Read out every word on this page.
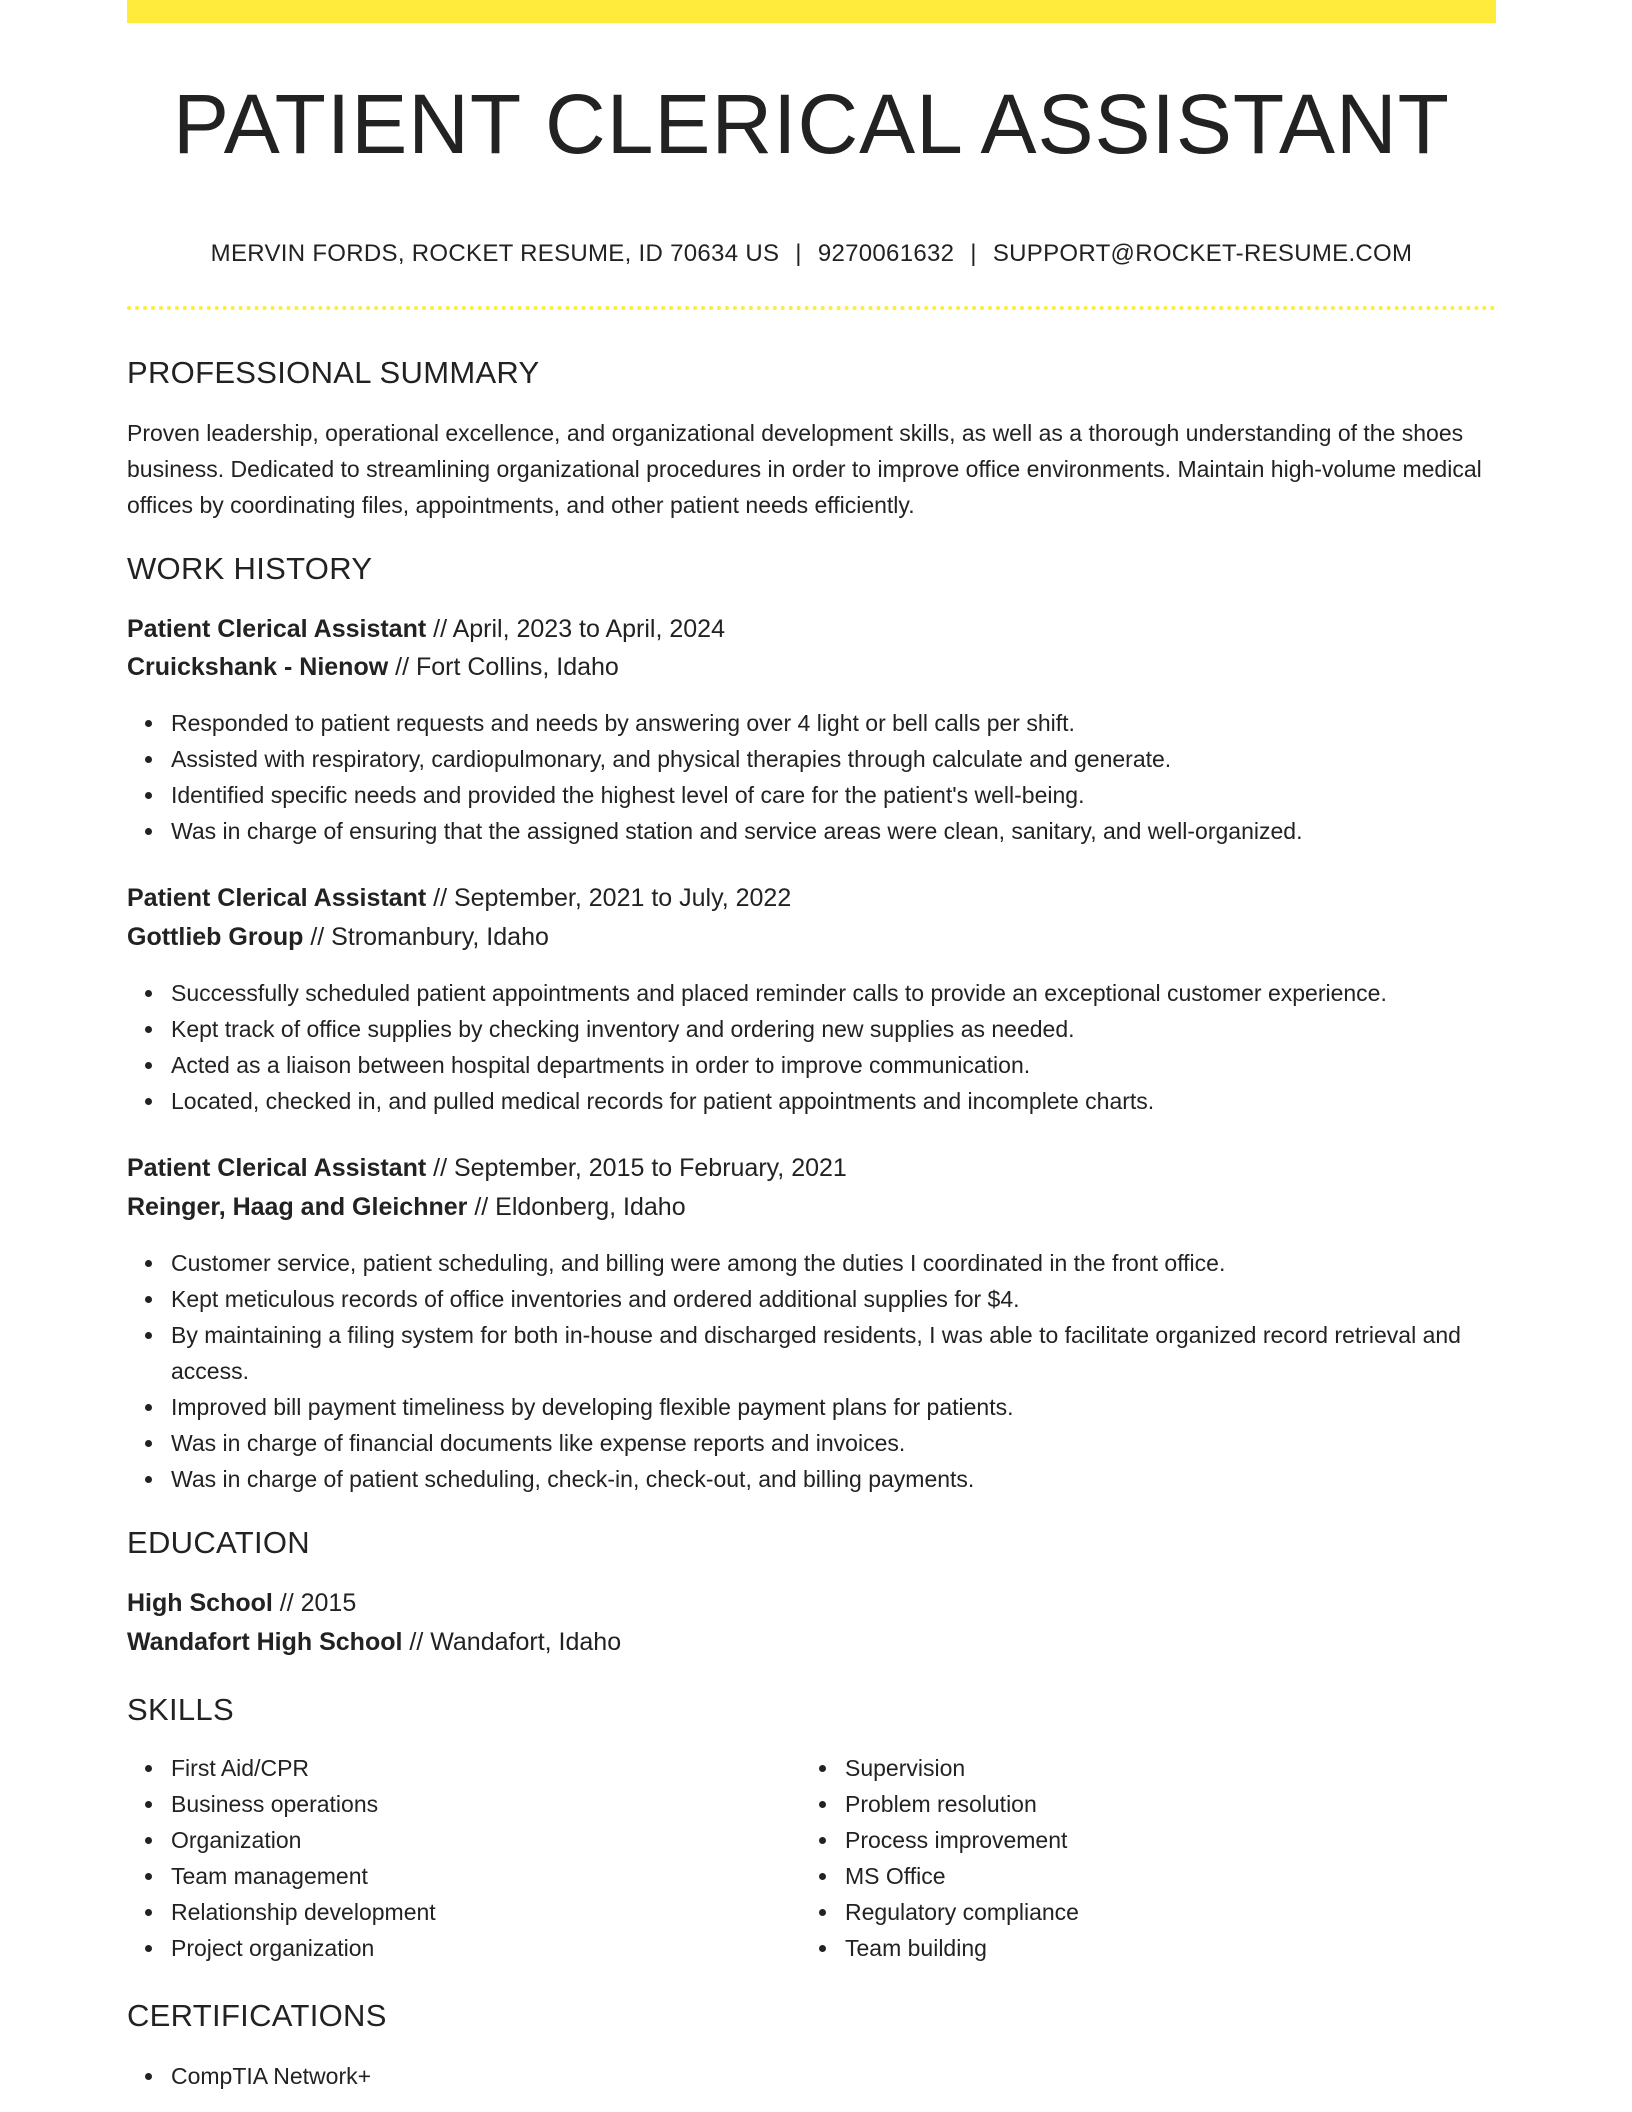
PATIENT CLERICAL ASSISTANT
MERVIN FORDS, ROCKET RESUME, ID 70634 US | 9270061632 | SUPPORT@ROCKET-RESUME.COM
PROFESSIONAL SUMMARY

Proven leadership, operational excellence, and organizational development skills, as well as a thorough understanding of the shoes business. Dedicated to streamlining organizational procedures in order to improve office environments. Maintain high-volume medical offices by coordinating files, appointments, and other patient needs efficiently.

WORK HISTORY
Patient Clerical Assistant // April, 2023 to April, 2024
Cruickshank - Nienow // Fort Collins, Idaho
Responded to patient requests and needs by answering over 4 light or bell calls per shift.
Assisted with respiratory, cardiopulmonary, and physical therapies through calculate and generate.
Identified specific needs and provided the highest level of care for the patient's well-being.
Was in charge of ensuring that the assigned station and service areas were clean, sanitary, and well-organized.
Patient Clerical Assistant // September, 2021 to July, 2022
Gottlieb Group // Stromanbury, Idaho
Successfully scheduled patient appointments and placed reminder calls to provide an exceptional customer experience.
Kept track of office supplies by checking inventory and ordering new supplies as needed.
Acted as a liaison between hospital departments in order to improve communication.
Located, checked in, and pulled medical records for patient appointments and incomplete charts.
Patient Clerical Assistant // September, 2015 to February, 2021
Reinger, Haag and Gleichner // Eldonberg, Idaho
Customer service, patient scheduling, and billing were among the duties I coordinated in the front office.
Kept meticulous records of office inventories and ordered additional supplies for $4.
By maintaining a filing system for both in-house and discharged residents, I was able to facilitate organized record retrieval and access.
Improved bill payment timeliness by developing flexible payment plans for patients.
Was in charge of financial documents like expense reports and invoices.
Was in charge of patient scheduling, check-in, check-out, and billing payments.
EDUCATION
High School // 2015
Wandafort High School // Wandafort, Idaho
SKILLS
First Aid/CPR
Business operations
Organization
Team management
Relationship development
Project organization
Supervision
Problem resolution
Process improvement
MS Office
Regulatory compliance
Team building
CERTIFICATIONS
CompTIA Network+
